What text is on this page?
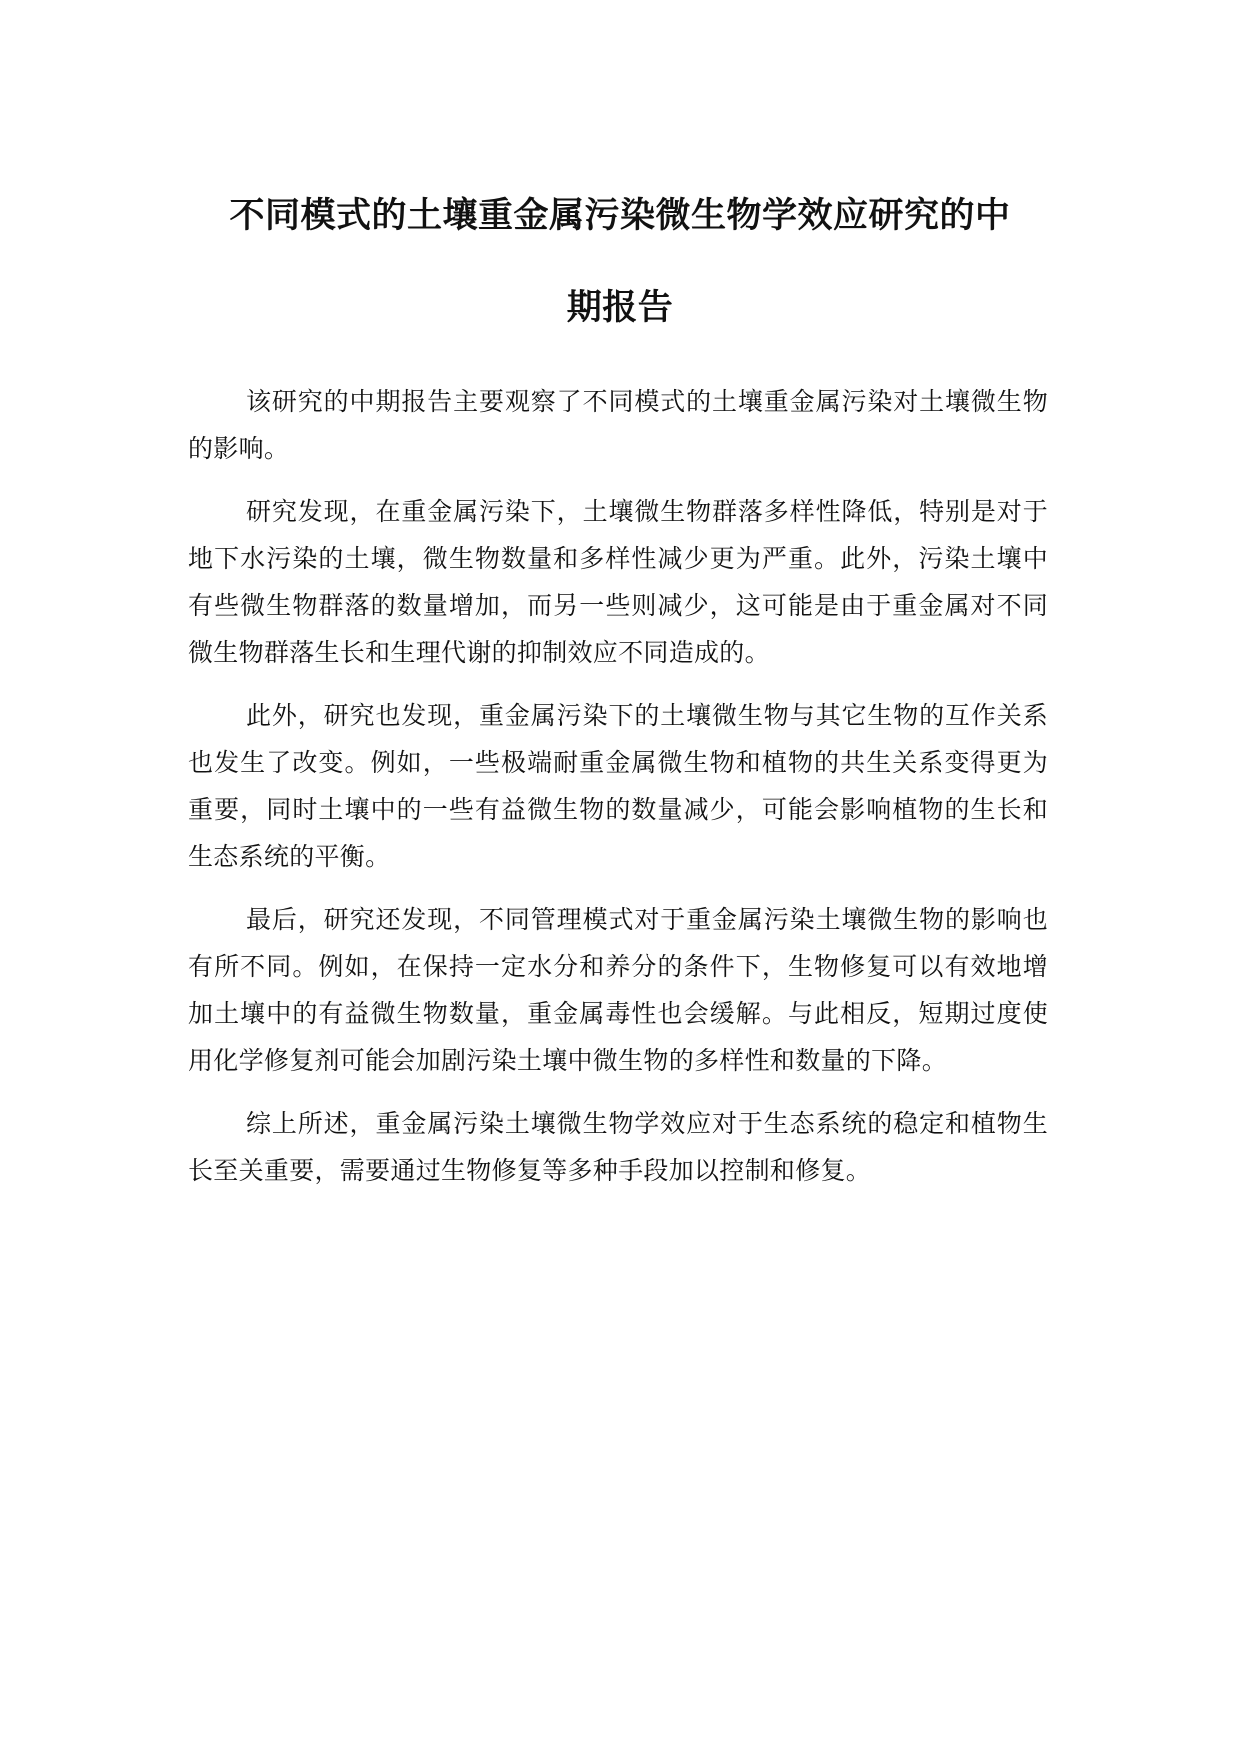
不同模式的土壤重金属污染微生物学效应研究的中
期报告

该研究的中期报告主要观察了不同模式的土壤重金属污染对土壤微生物的影响。

研究发现，在重金属污染下，土壤微生物群落多样性降低，特别是对于地下水污染的土壤，微生物数量和多样性减少更为严重。此外，污染土壤中有些微生物群落的数量增加，而另一些则减少，这可能是由于重金属对不同微生物群落生长和生理代谢的抑制效应不同造成的。

此外，研究也发现，重金属污染下的土壤微生物与其它生物的互作关系也发生了改变。例如，一些极端耐重金属微生物和植物的共生关系变得更为重要，同时土壤中的一些有益微生物的数量减少，可能会影响植物的生长和生态系统的平衡。

最后，研究还发现，不同管理模式对于重金属污染土壤微生物的影响也有所不同。例如，在保持一定水分和养分的条件下，生物修复可以有效地增加土壤中的有益微生物数量，重金属毒性也会缓解。与此相反，短期过度使用化学修复剂可能会加剧污染土壤中微生物的多样性和数量的下降。

综上所述，重金属污染土壤微生物学效应对于生态系统的稳定和植物生长至关重要，需要通过生物修复等多种手段加以控制和修复。
